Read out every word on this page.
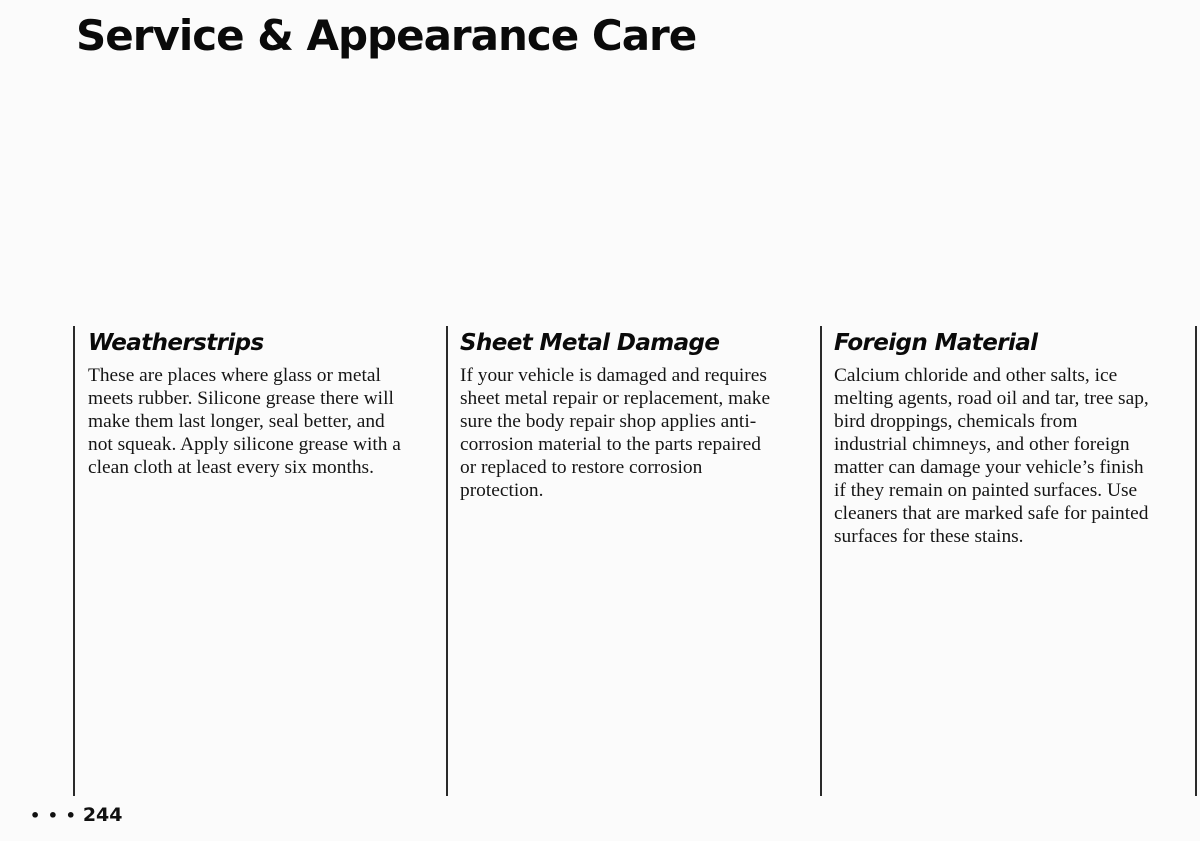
Service & Appearance Care
Weatherstrips

These are places where glass or metal
meets rubber. Silicone grease there will
make them last longer, seal better, and
not squeak. Apply silicone grease with a
clean cloth at least every six months.

Sheet Metal Damage

If your vehicle is damaged and requires
sheet metal repair or replacement, make
sure the body repair shop applies anti-
corrosion material to the parts repaired
or replaced to restore corrosion
protection.

Foreign Material

Calcium chloride and other salts, ice
melting agents, road oil and tar, tree sap,
bird droppings, chemicals from
industrial chimneys, and other foreign
matter can damage your vehicle’s finish
if they remain on painted surfaces. Use
cleaners that are marked safe for painted
surfaces for these stains.

• • • 244
